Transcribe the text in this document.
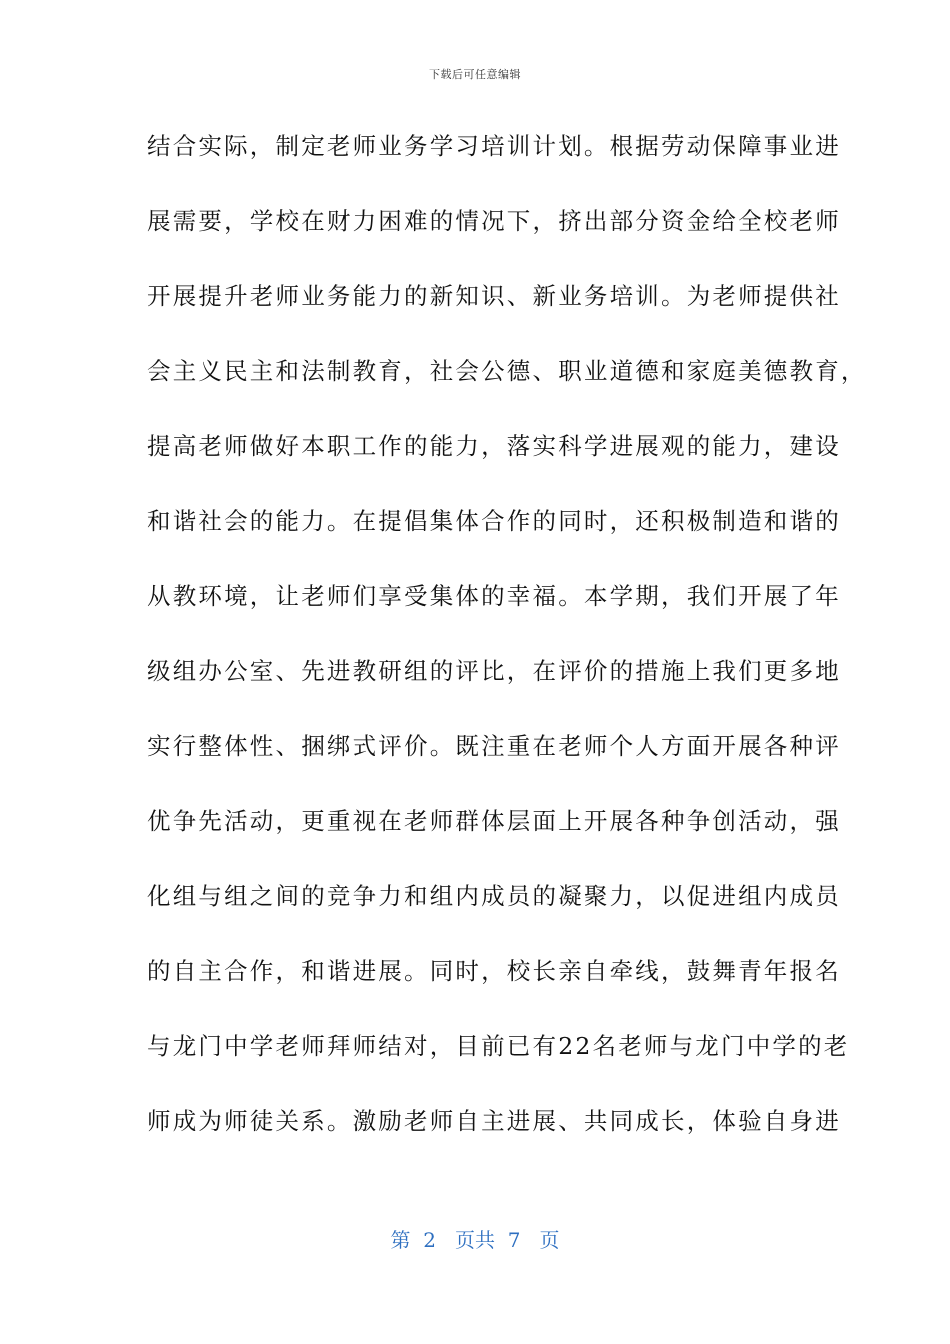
下载后可任意编辑
结合实际，制定老师业务学习培训计划。根据劳动保障事业进
展需要，学校在财力困难的情况下，挤出部分资金给全校老师
开展提升老师业务能力的新知识、新业务培训。为老师提供社
会主义民主和法制教育，社会公德、职业道德和家庭美德教育，
提高老师做好本职工作的能力，落实科学进展观的能力，建设
和谐社会的能力。在提倡集体合作的同时，还积极制造和谐的
从教环境，让老师们享受集体的幸福。本学期，我们开展了年
级组办公室、先进教研组的评比，在评价的措施上我们更多地
实行整体性、捆绑式评价。既注重在老师个人方面开展各种评
优争先活动，更重视在老师群体层面上开展各种争创活动，强
化组与组之间的竞争力和组内成员的凝聚力，以促进组内成员
的自主合作，和谐进展。同时，校长亲自牵线，鼓舞青年报名
与龙门中学老师拜师结对，目前已有22名老师与龙门中学的老
师成为师徒关系。激励老师自主进展、共同成长，体验自身进
第  2   页共  7   页
